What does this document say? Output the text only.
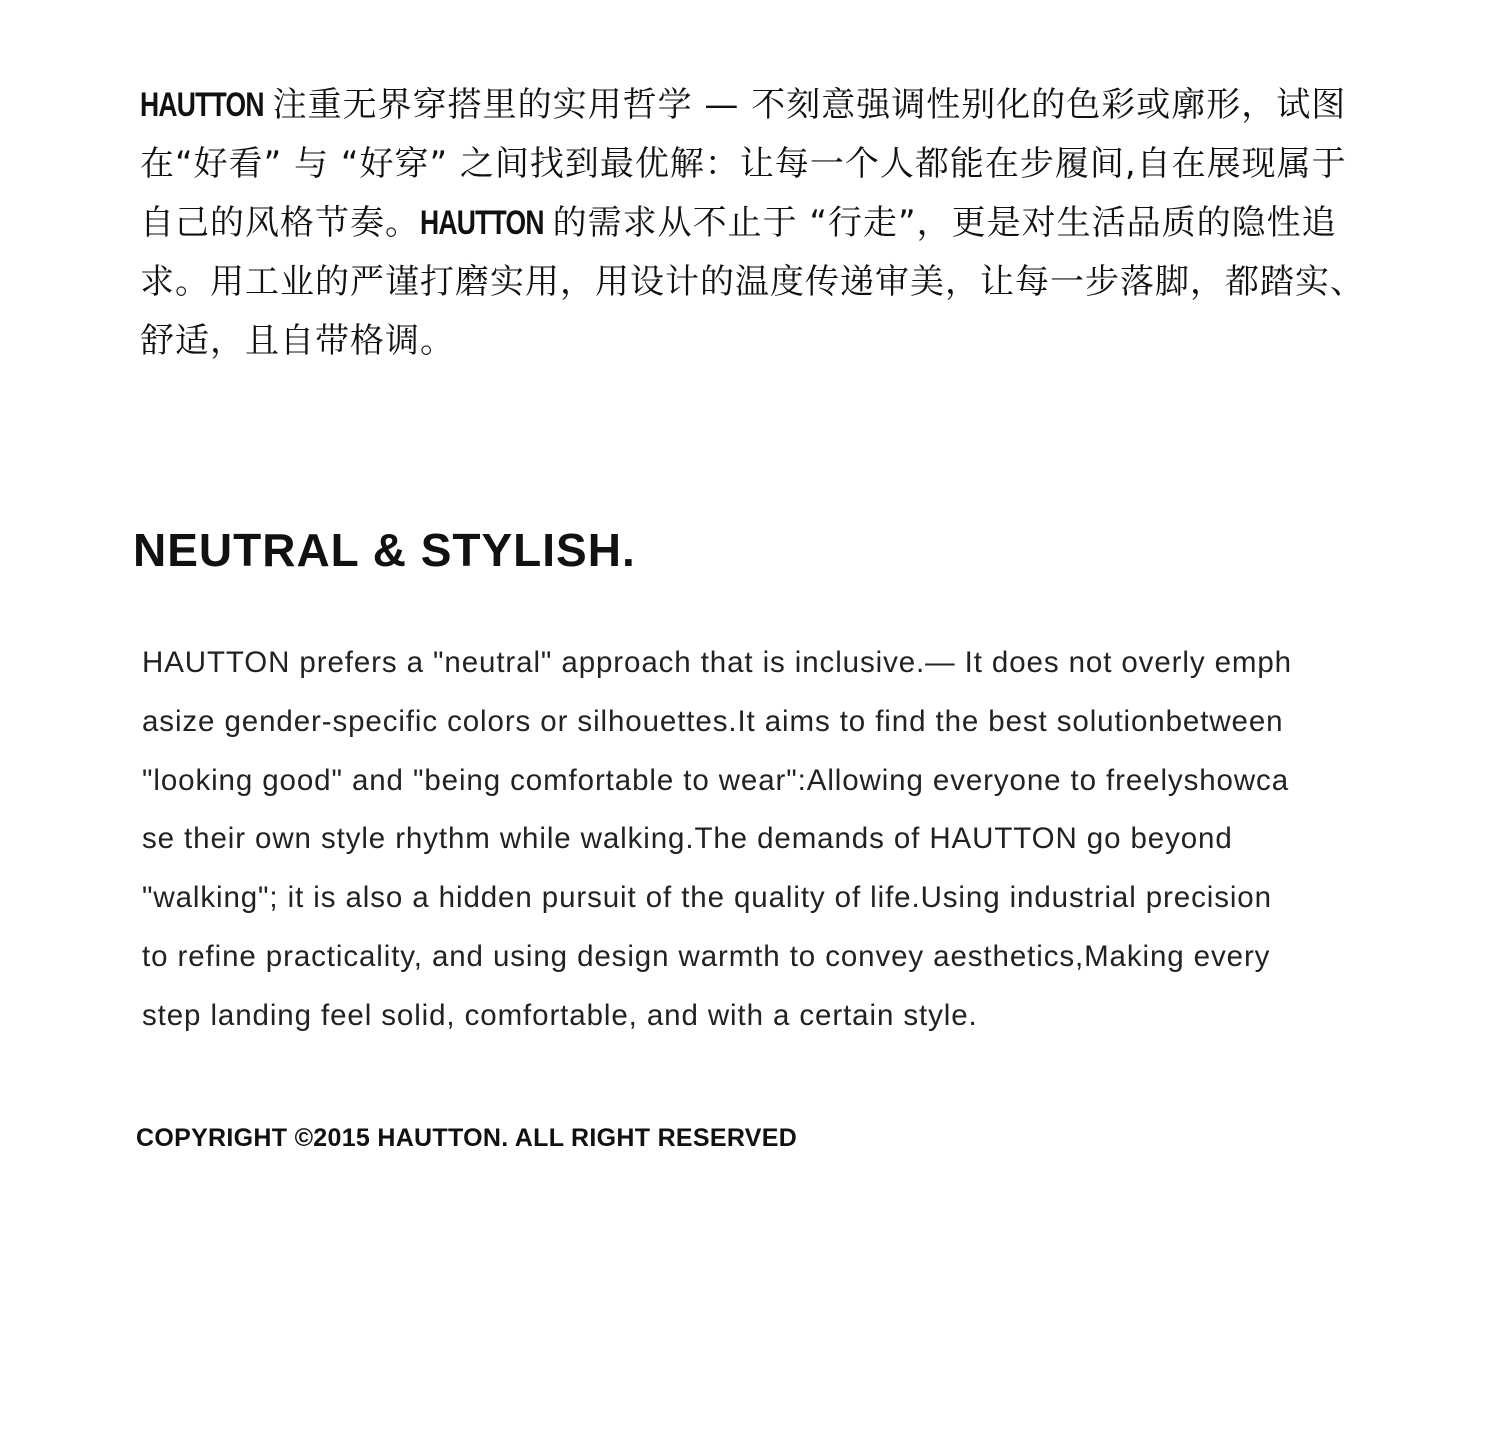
HAUTTON 注重无界穿搭里的实用哲学 — 不刻意强调性别化的色彩或廓形，试图在“好看” 与 “好穿” 之间找到最优解：让每一个人都能在步履间,自在展现属于自己的风格节奏。HAUTTON 的需求从不止于 “行走”，更是对生活品质的隐性追求。用工业的严谨打磨实用，用设计的温度传递审美，让每一步落脚，都踏实、舒适，且自带格调。
NEUTRAL & STYLISH.
HAUTTON prefers a "neutral" approach that is inclusive.— It does not overly emph
asize gender-specific colors or silhouettes.It aims to find the best solutionbetween
"looking good" and "being comfortable to wear":Allowing everyone to freelyshowca
se their own style rhythm while walking.The demands of HAUTTON go beyond
"walking"; it is also a hidden pursuit of the quality of life.Using industrial precision
to refine practicality, and using design warmth to convey aesthetics,Making every
step landing feel solid, comfortable, and with a certain style.
COPYRIGHT ©2015 HAUTTON. ALL RIGHT RESERVED
